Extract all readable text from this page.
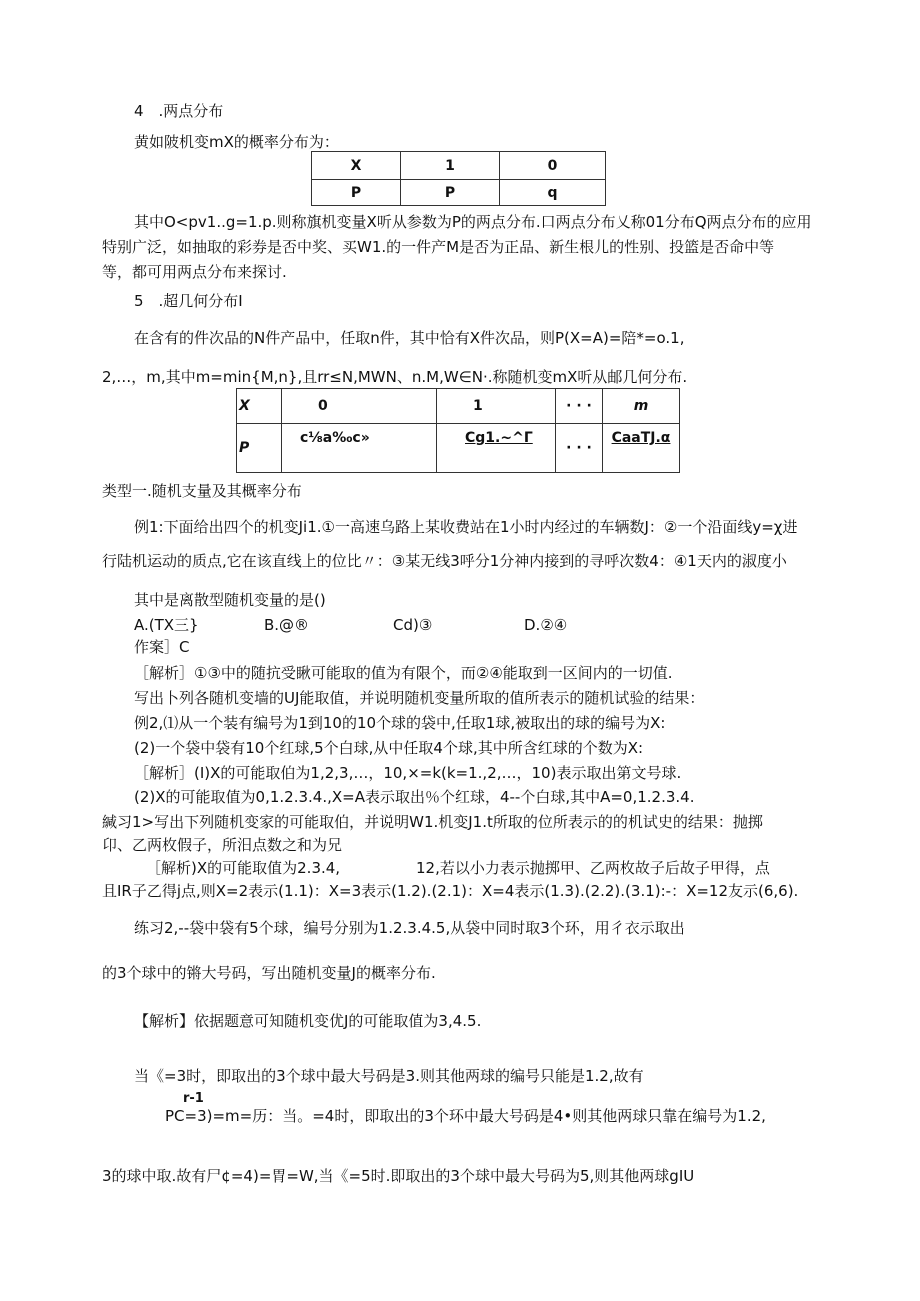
4　.两点分布
黄如陂机变mX的概率分布为：
X	1	0
P	P	q
其中O<pv1..g=1.p.则称旗机变量X听从参数为P的两点分布.口两点分布乂称01分布Q两点分布的应用
特别广泛，如抽取的彩券是否中奖、买W1.的一件产M是否为正品、新生根儿的性别、投篮是否命中等
等，都可用两点分布来探讨.
5　.超几何分布I
在含有的件次品的N件产品中，任取n件，其中恰有X件次品，则P(X=A)=陪*=o.1,
2,…，m,其中m=min{M,n},且rr≤N,MWN、n.M,W∈N·.称随机变mX听从邮几何分布.
X	0	1	· · ·	m
P	c⅛a‰c»	Cg1.~^Γ	· · ·	CaaTJ.α
类型一.随机支量及其概率分布
例1:下面给出四个的机变Ji1.①一高速乌路上某收费站在1小时内经过的车辆数J：②一个沿面线y=χ进
行陆机运动的质点,它在该直线上的位比〃：③某无线3呼分1分神内接到的寻呼次数4：④1天内的淑度小
其中是离散型随机变量的是()
A.(TX三}	B.@®	Cd)③	D.②④
作案］C
［解析］①③中的随抗受瞅可能取的值为有限个，而②④能取到一区间内的一切值.
写出卜列各随机变墙的UJ能取值，并说明随机变量所取的值所表示的随机试验的结果：
例2,⑴从一个装有编号为1到10的10个球的袋中,任取1球,被取出的球的编号为X:
(2)一个袋中袋有10个红球,5个白球,从中任取4个球,其中所含红球的个数为X:
［解析］(I)X的可能取伯为1,2,3,…，10,×=k(k=1.,2,…，10)表示取出第文号球.
(2)X的可能取值为0,1.2.3.4.,X=A表示取出％个红球，4--个白球,其中A=0,1.2.3.4.
緘习1>写出下列随机变家的可能取伯，并说明W1.机变J1.t所取的位所表示的的机试史的结果：抛掷
卬、乙两枚假子，所汨点数之和为兄
［解析)X的可能取值为2.3.4,	12,若以小力表示抛掷甲、乙两枚故子后故子甲得，点
且IR子乙得j点,则X=2表示(1.1)：X=3表示(1.2).(2.1)：X=4表示(1.3).(2.2).(3.1):-：X=12友示(6,6).
练习2,--袋中袋有5个球，编号分别为1.2.3.4.5,从袋中同时取3个环，用彳衣示取出
的3个球中的锵大号码，写出随机变量J的概率分布.
【解析】依据题意可知随机变优J的可能取值为3,4.5.
当《=3时，即取出的3个球中最大号码是3.则其他两球的编号只能是1.2,故有
r-1
PC=3)=m=历：当。=4时，即取出的3个环中最大号码是4•则其他两球只靠在编号为1.2,
3的球中取.故有尸¢=4)=胃=W,当《=5时.即取出的3个球中最大号码为5,则其他两球gIU
